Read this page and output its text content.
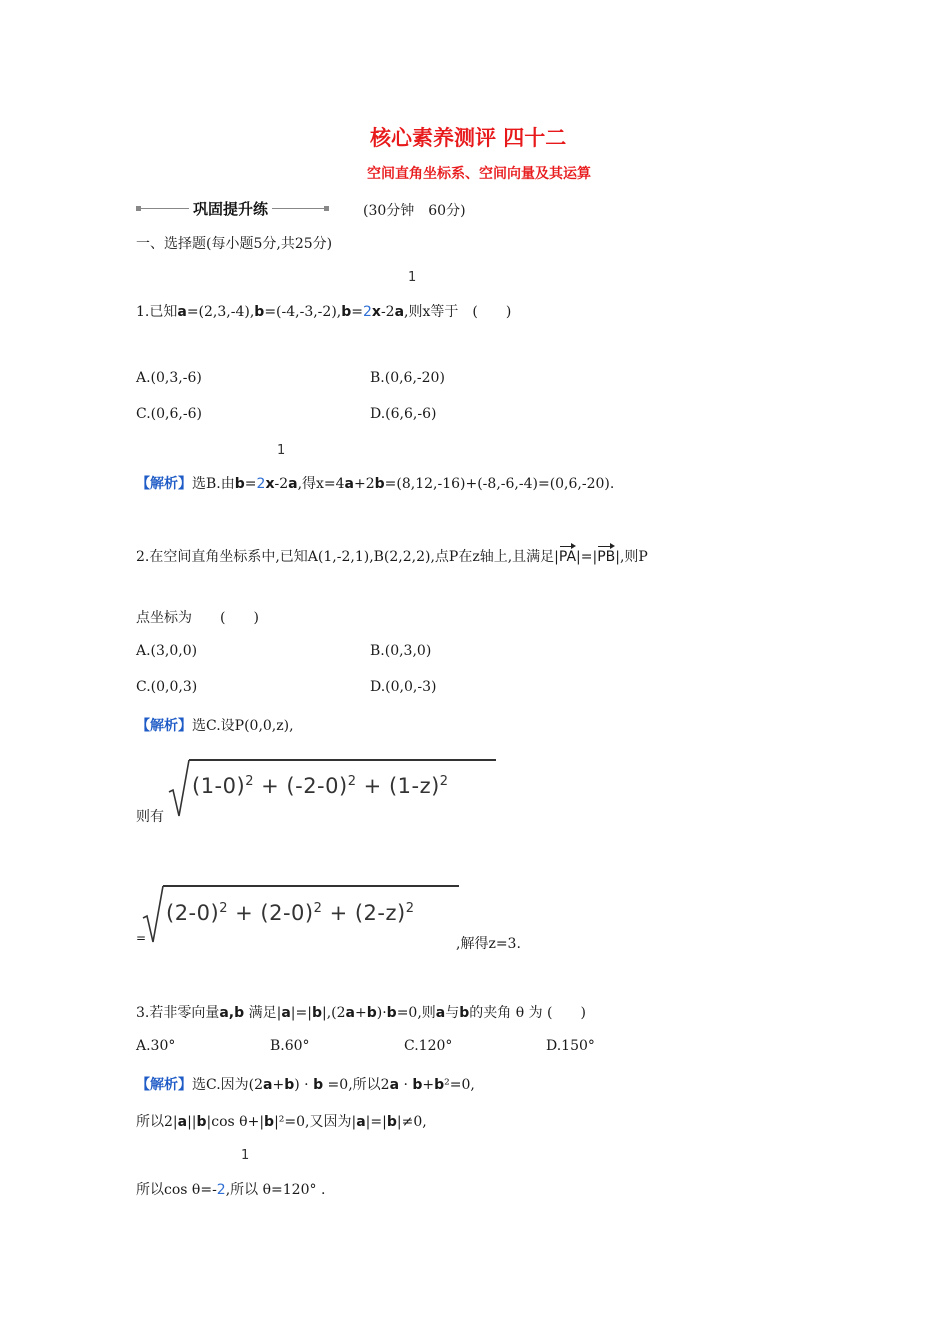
核心素养测评 四十二
空间直角坐标系、空间向量及其运算
巩固提升练	(30分钟　60分)
一、选择题(每小题5分,共25分)
1
1.已知a=(2,3,-4),b=(-4,-3,-2),b=2x-2a,则x等于　(　　)
A.(0,3,-6)	B.(0,6,-20)
C.(0,6,-6)	D.(6,6,-6)
1
【解析】选B.由b=2x-2a,得x=4a+2b=(8,12,-16)+(-8,-6,-4)=(0,6,-20).
2.在空间直角坐标系中,已知A(1,-2,1),B(2,2,2),点P在z轴上,且满足|PA|=|PB|,则P
点坐标为　　(　　)
A.(3,0,0)	B.(0,3,0)
C.(0,0,3)	D.(0,0,-3)
【解析】选C.设P(0,0,z),
则有
$(1-0)^2 + (-2-0)^2 + (1-z)^2$
=
$(2-0)^2 + (2-0)^2 + (2-z)^2$
,解得z=3.
3.若非零向量a,b 满足|a|=|b|,(2a+b)·b=0,则a与b的夹角 θ 为 (　　)
A.30°	B.60°	C.120°	D.150°
【解析】选C.因为(2a+b) · b =0,所以2a · b+b²=0,
所以2|a||b|cos θ+|b|²=0,又因为|a|=|b|≠0,
1
所以cos θ=-2,所以 θ=120° .
